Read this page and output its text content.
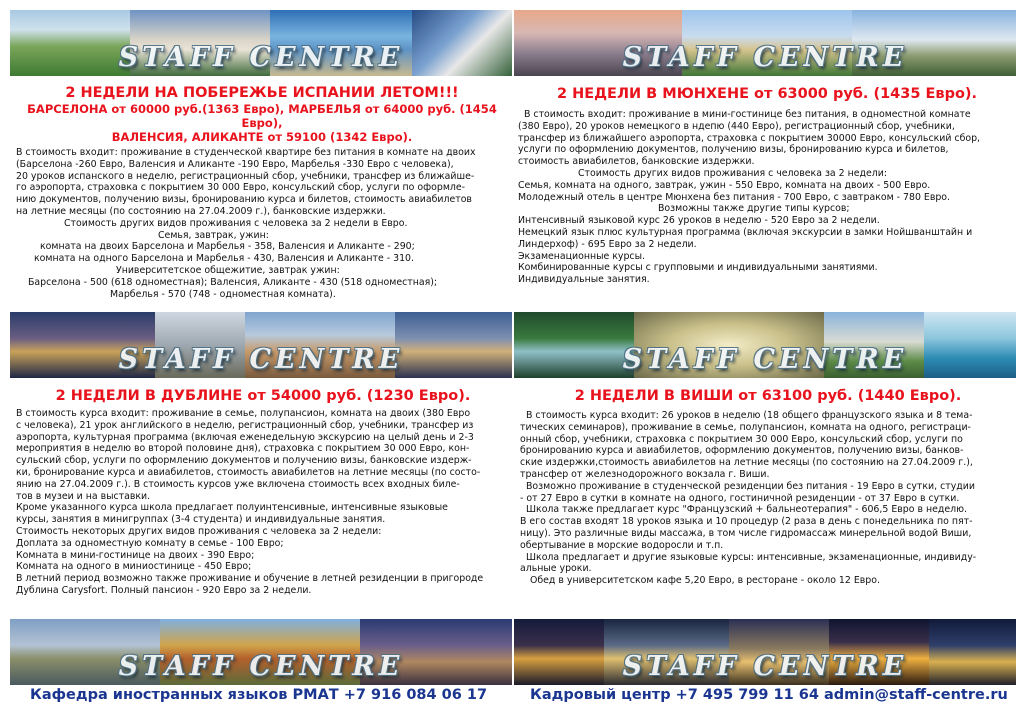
STAFF CENTRE	STAFF CENTRE
STAFF CENTRE	STAFF CENTRE
STAFF CENTRE	STAFF CENTRE
2 НЕДЕЛИ НА ПОБЕРЕЖЬЕ ИСПАНИИ ЛЕТОМ!!!
БАРСЕЛОНА от 60000 руб.(1363 Евро), МАРБЕЛЬЯ от 64000 руб. (1454 Евро),
ВАЛЕНСИЯ, АЛИКАНТЕ от 59100 (1342 Евро).
В стоимость входит: проживание в студенческой квартире без питания в комнате на двоих
(Барселона -260 Евро, Валенсия и Аликанте -190 Евро, Марбелья -330 Евро с человека),
20 уроков испанского в неделю, регистрационный сбор, учебники, трансфер из ближайше-
го аэропорта, страховка с покрытием 30 000 Евро, консульский сбор, услуги по оформле-
нию документов, получению визы, бронированию курса и билетов, стоимость авиабилетов
на летние месяцы (по состоянию на 27.04.2009 г.), банковские издержки.
Стоимость других видов проживания с человека за 2 недели в Евро.
Семья, завтрак, ужин:
комната на двоих Барселона и Марбелья - 358, Валенсия и Аликанте - 290;
комната на одного Барселона и Марбелья - 430, Валенсия и Аликанте - 310.
Университетское общежитие, завтрак ужин:
Барселона - 500 (618 одноместная); Валенсия, Аликанте - 430 (518 одноместная);
Марбелья - 570 (748 - одноместная комната).
2 НЕДЕЛИ В МЮНХЕНЕ от 63000 руб. (1435 Евро).
В стоимость входит: проживание в мини-гостинице без питания, в одноместной комнате
(380 Евро), 20 уроков немецкого в ндепю (440 Евро), регистрационный сбор, учебники,
трансфер из ближайшего аэропорта, страховка с покрытием 30000 Евро, консульский сбор,
услуги по оформлению документов, получению визы, бронированию курса и билетов,
стоимость авиабилетов, банковские издержки.
Стоимость других видов проживания с человека за 2 недели:
Семья, комната на одного, завтрак, ужин - 550 Евро, комната на двоих - 500 Евро.
Молодежный отель в центре Мюнхена без питания - 700 Евро, с завтраком - 780 Евро.
Возможны также другие типы курсов;
Интенсивный языковой курс 26 уроков в неделю - 520 Евро за 2 недели.
Немецкий язык плюс культурная программа (включая экскурсии в замки Нойшванштайн и
Линдерхоф) - 695 Евро за 2 недели.
Экзаменационные курсы.
Комбинированные курсы с групповыми и индивидуальными занятиями.
Индивидуальные занятия.
2 НЕДЕЛИ В ДУБЛИНЕ от 54000 руб. (1230 Евро).
В стоимость курса входит: проживание в семье, полупансион, комната на двоих (380 Евро
с человека), 21 урок английского в неделю, регистрационный сбор, учебники, трансфер из
аэропорта, культурная программа (включая еженедельную экскурсию на целый день и 2-3
мероприятия в неделю во второй половине дня), страховка с покрытием 30 000 Евро, кон-
сульский сбор, услуги по оформлению документов и получению визы, банковские издерж-
ки, бронирование курса и авиабилетов, стоимость авиабилетов на летние месяцы (по состо-
янию на 27.04.2009 г.). В стоимость курсов уже включена стоимость всех входных биле-
тов в музеи и на выставки.
Кроме указанного курса школа предлагает полуинтенсивные, интенсивные языковые
курсы, занятия в минигруппах (3-4 студента) и индивидуальные занятия.
Стоимость некоторых других видов проживания с человека за 2 недели:
Доплата за одноместную комнату в семье - 100 Евро;
Комната в мини-гостинице на двоих - 390 Евро;
Комната на одного в миниостинице - 450 Евро;
В летний период возможно также проживание и обучение в летней резиденции в пригороде
Дублина Carysfort. Полный пансион - 920 Евро за 2 недели.
2 НЕДЕЛИ В ВИШИ от 63100 руб. (1440 Евро).
В стоимость курса входит: 26 уроков в неделю (18 общего французского языка и 8 тема-
тических семинаров), проживание в семье, полупансион, комната на одного, регистраци-
онный сбор, учебники, страховка с покрытием 30 000 Евро, консульский сбор, услуги по
бронированию курса и авиабилетов, оформлению документов, получению визы, банков-
ские издержки,стоимость авиабилетов на летние месяцы (по состоянию на 27.04.2009 г.),
трансфер от железнодорожного вокзала г. Виши.
Возможно проживание в студенческой резиденции без питания - 19 Евро в сутки, студии
- от 27 Евро в сутки в комнате на одного, гостиничной резиденции - от 37 Евро в сутки.
Школа также предлагает курс "Французский + бальнеотерапия" - 606,5 Евро в неделю.
В его состав входят 18 уроков языка и 10 процедур (2 раза в день с понедельника по пят-
ницу). Это различные виды массажа, в том числе гидромассаж минерельной водой Виши,
обертывание в морские водоросли и т.п.
Школа предлагает и другие языковые курсы: интенсивные, экзаменационные, индивиду-
альные уроки.
Обед в университетском кафе 5,20 Евро, в ресторане - около 12 Евро.
Кафедра иностранных языков РМАТ +7 916 084 06 17	Кадровый центр +7 495 799 11 64 admin@staff-centre.ru
